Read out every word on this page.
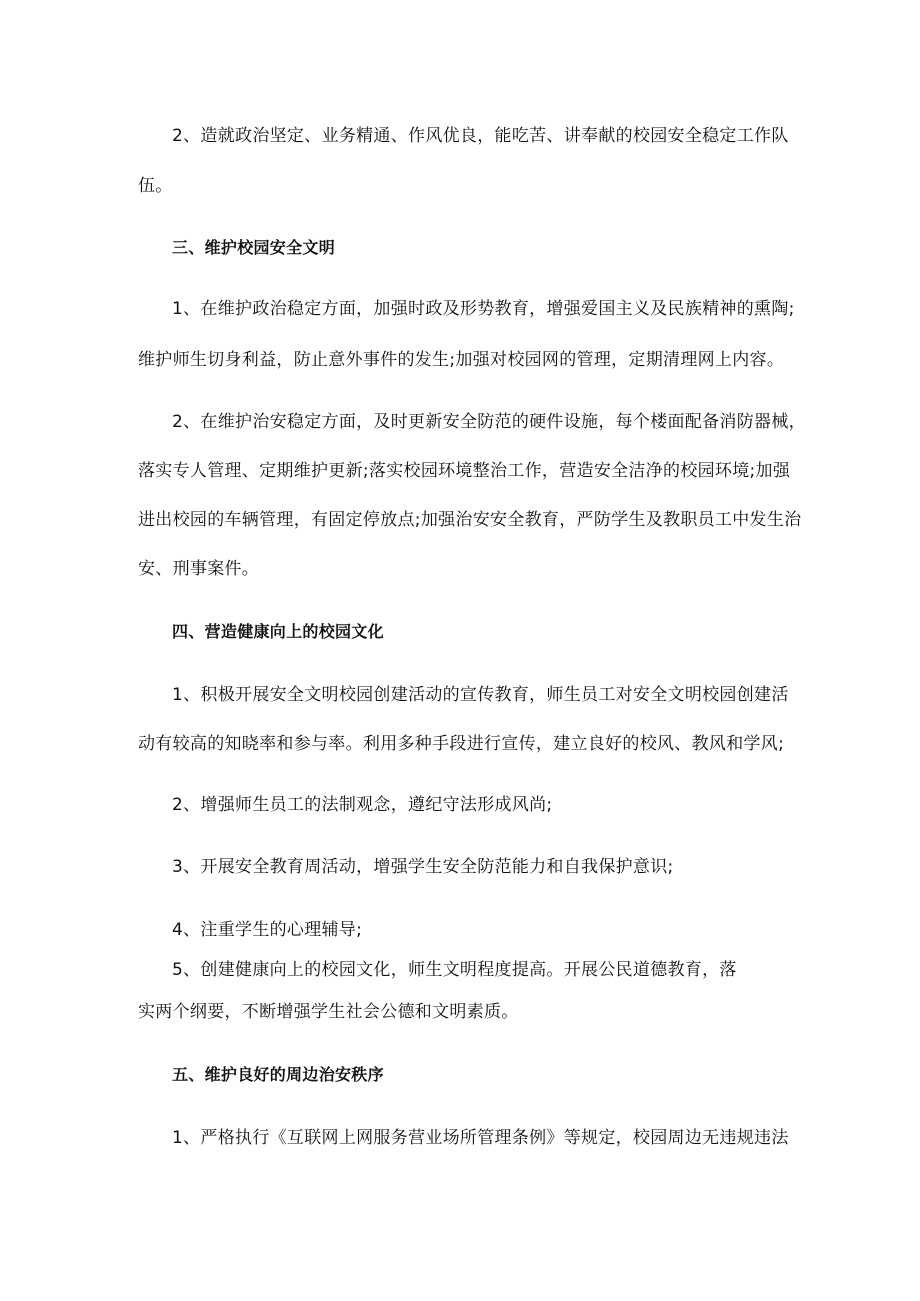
2、造就政治坚定、业务精通、作风优良，能吃苦、讲奉献的校园安全稳定工作队
伍。
三、维护校园安全文明
1、在维护政治稳定方面，加强时政及形势教育，增强爱国主义及民族精神的熏陶;
维护师生切身利益，防止意外事件的发生;加强对校园网的管理，定期清理网上内容。
2、在维护治安稳定方面，及时更新安全防范的硬件设施，每个楼面配备消防器械，
落实专人管理、定期维护更新;落实校园环境整治工作，营造安全洁净的校园环境;加强
进出校园的车辆管理，有固定停放点;加强治安安全教育，严防学生及教职员工中发生治
安、刑事案件。
四、营造健康向上的校园文化
1、积极开展安全文明校园创建活动的宣传教育，师生员工对安全文明校园创建活
动有较高的知晓率和参与率。利用多种手段进行宣传，建立良好的校风、教风和学风;
2、增强师生员工的法制观念，遵纪守法形成风尚;
3、开展安全教育周活动，增强学生安全防范能力和自我保护意识;
4、注重学生的心理辅导;
5、创建健康向上的校园文化，师生文明程度提高。开展公民道德教育，落
实两个纲要，不断增强学生社会公德和文明素质。
五、维护良好的周边治安秩序
1、严格执行《互联网上网服务营业场所管理条例》等规定，校园周边无违规违法
